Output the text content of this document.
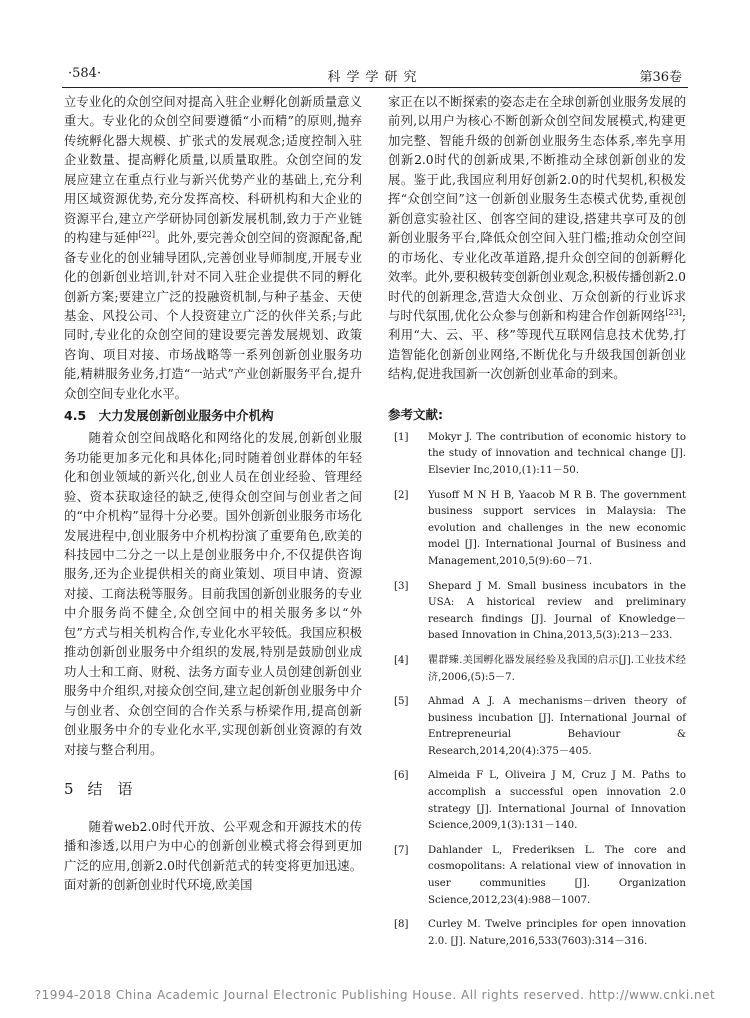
·584·	科学学研究	第36卷

立专业化的众创空间对提高入驻企业孵化创新质量意义重大。专业化的众创空间要遵循“小而精”的原则,抛弃传统孵化器大规模、扩张式的发展观念;适度控制入驻企业数量、提高孵化质量,以质量取胜。众创空间的发展应建立在重点行业与新兴优势产业的基础上,充分利用区域资源优势,充分发挥高校、科研机构和大企业的资源平台,建立产学研协同创新发展机制,致力于产业链的构建与延伸[22]。此外,要完善众创空间的资源配备,配备专业化的创业辅导团队,完善创业导师制度,开展专业化的创新创业培训,针对不同入驻企业提供不同的孵化创新方案;要建立广泛的投融资机制,与种子基金、天使基金、风投公司、个人投资建立广泛的伙伴关系;与此同时,专业化的众创空间的建设要完善发展规划、政策咨询、项目对接、市场战略等一系列创新创业服务功能,精耕服务业务,打造“一站式”产业创新服务平台,提升众创空间专业化水平。

4.5　大力发展创新创业服务中介机构

随着众创空间战略化和网络化的发展,创新创业服务功能更加多元化和具体化;同时随着创业群体的年轻化和创业领域的新兴化,创业人员在创业经验、管理经验、资本获取途径的缺乏,使得众创空间与创业者之间的“中介机构”显得十分必要。国外创新创业服务市场化发展进程中,创业服务中介机构扮演了重要角色,欧美的科技园中二分之一以上是创业服务中介,不仅提供咨询服务,还为企业提供相关的商业策划、项目申请、资源对接、工商法税等服务。目前我国创新创业服务的专业中介服务尚不健全,众创空间中的相关服务多以“外包”方式与相关机构合作,专业化水平较低。我国应积极推动创新创业服务中介组织的发展,特别是鼓励创业成功人士和工商、财税、法务方面专业人员创建创新创业服务中介组织,对接众创空间,建立起创新创业服务中介与创业者、众创空间的合作关系与桥梁作用,提高创新创业服务中介的专业化水平,实现创新创业资源的有效对接与整合利用。

5 结　语

随着web2.0时代开放、公平观念和开源技术的传播和渗透,以用户为中心的创新创业模式将会得到更加广泛的应用,创新2.0时代创新范式的转变将更加迅速。面对新的创新创业时代环境,欧美国

家正在以不断探索的姿态走在全球创新创业服务发展的前列,以用户为核心不断创新众创空间发展模式,构建更加完整、智能升级的创新创业服务生态体系,率先享用创新2.0时代的创新成果,不断推动全球创新创业的发展。鉴于此,我国应利用好创新2.0的时代契机,积极发挥“众创空间”这一创新创业服务生态模式优势,重视创新创意实验社区、创客空间的建设,搭建共享可及的创新创业服务平台,降低众创空间入驻门槛;推动众创空间的市场化、专业化改革道路,提升众创空间的创新孵化效率。此外,要积极转变创新创业观念,积极传播创新2.0时代的创新理念,营造大众创业、万众创新的行业诉求与时代氛围,优化公众参与创新和构建合作创新网络[23];利用“大、云、平、移”等现代互联网信息技术优势,打造智能化创新创业网络,不断优化与升级我国创新创业结构,促进我国新一次创新创业革命的到来。

参考文献:
[1] Mokyr J. The contribution of economic history to the study of innovation and technical change [J]. Elsevier Inc,2010,(1):11－50.
[2] Yusoff M N H B, Yaacob M R B. The government business support services in Malaysia: The evolution and challenges in the new economic model [J]. International Journal of Business and Management,2010,5(9):60－71.
[3] Shepard J M. Small business incubators in the USA: A historical review and preliminary research findings [J]. Journal of Knowledge－based Innovation in China,2013,5(3):213－233.
[4] 瞿群臻.美国孵化器发展经验及我国的启示[J].工业技术经济,2006,(5):5－7.
[5] Ahmad A J. A mechanisms－driven theory of business incubation [J]. International Journal of Entrepreneurial Behaviour & Research,2014,20(4):375－405.
[6] Almeida F L, Oliveira J M, Cruz J M. Paths to accomplish a successful open innovation 2.0 strategy [J]. International Journal of Innovation Science,2009,1(3):131－140.
[7] Dahlander L, Frederiksen L. The core and cosmopolitans: A relational view of innovation in user communities [J]. Organization Science,2012,23(4):988－1007.
[8] Curley M. Twelve principles for open innovation 2.0. [J]. Nature,2016,533(7603):314－316.
?1994-2018 China Academic Journal Electronic Publishing House. All rights reserved. http://www.cnki.net
